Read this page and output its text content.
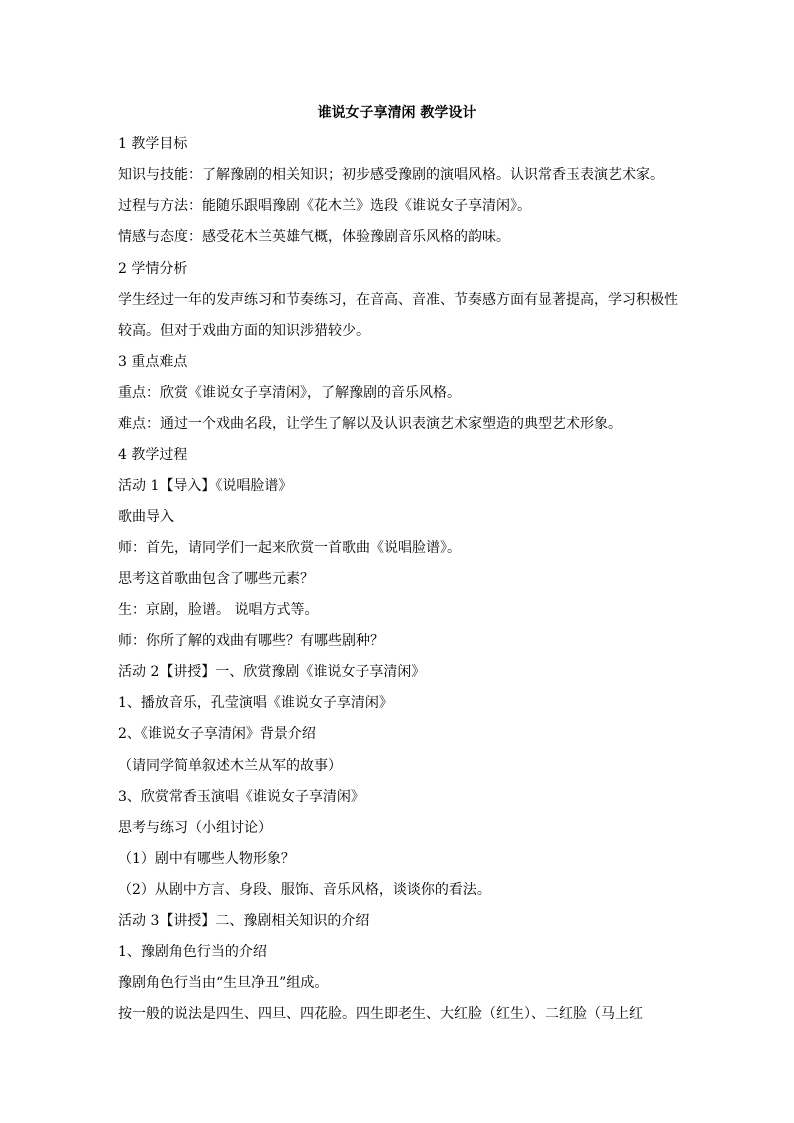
谁说女子享清闲 教学设计
1 教学目标
知识与技能：了解豫剧的相关知识；初步感受豫剧的演唱风格。认识常香玉表演艺术家。
过程与方法：能随乐跟唱豫剧《花木兰》选段《谁说女子享清闲》。
情感与态度：感受花木兰英雄气概，体验豫剧音乐风格的韵味。
2 学情分析
学生经过一年的发声练习和节奏练习，在音高、音准、节奏感方面有显著提高，学习积极性
较高。但对于戏曲方面的知识涉猎较少。
3 重点难点
重点：欣赏《谁说女子享清闲》，了解豫剧的音乐风格。
难点：通过一个戏曲名段，让学生了解以及认识表演艺术家塑造的典型艺术形象。
4 教学过程
活动 1【导入】《说唱脸谱》
歌曲导入
师：首先，请同学们一起来欣赏一首歌曲《说唱脸谱》。
思考这首歌曲包含了哪些元素？
生：京剧，脸谱。 说唱方式等。
师：你所了解的戏曲有哪些？有哪些剧种？
活动 2【讲授】一、欣赏豫剧《谁说女子享清闲》
1、播放音乐，孔莹演唱《谁说女子享清闲》
2、《谁说女子享清闲》背景介绍
（请同学简单叙述木兰从军的故事）
3、欣赏常香玉演唱《谁说女子享清闲》
思考与练习（小组讨论）
（1）剧中有哪些人物形象？
（2）从剧中方言、身段、服饰、音乐风格，谈谈你的看法。
活动 3【讲授】二、豫剧相关知识的介绍
1、豫剧角色行当的介绍
豫剧角色行当由“生旦净丑”组成。
按一般的说法是四生、四旦、四花脸。四生即老生、大红脸（红生）、二红脸（马上红
